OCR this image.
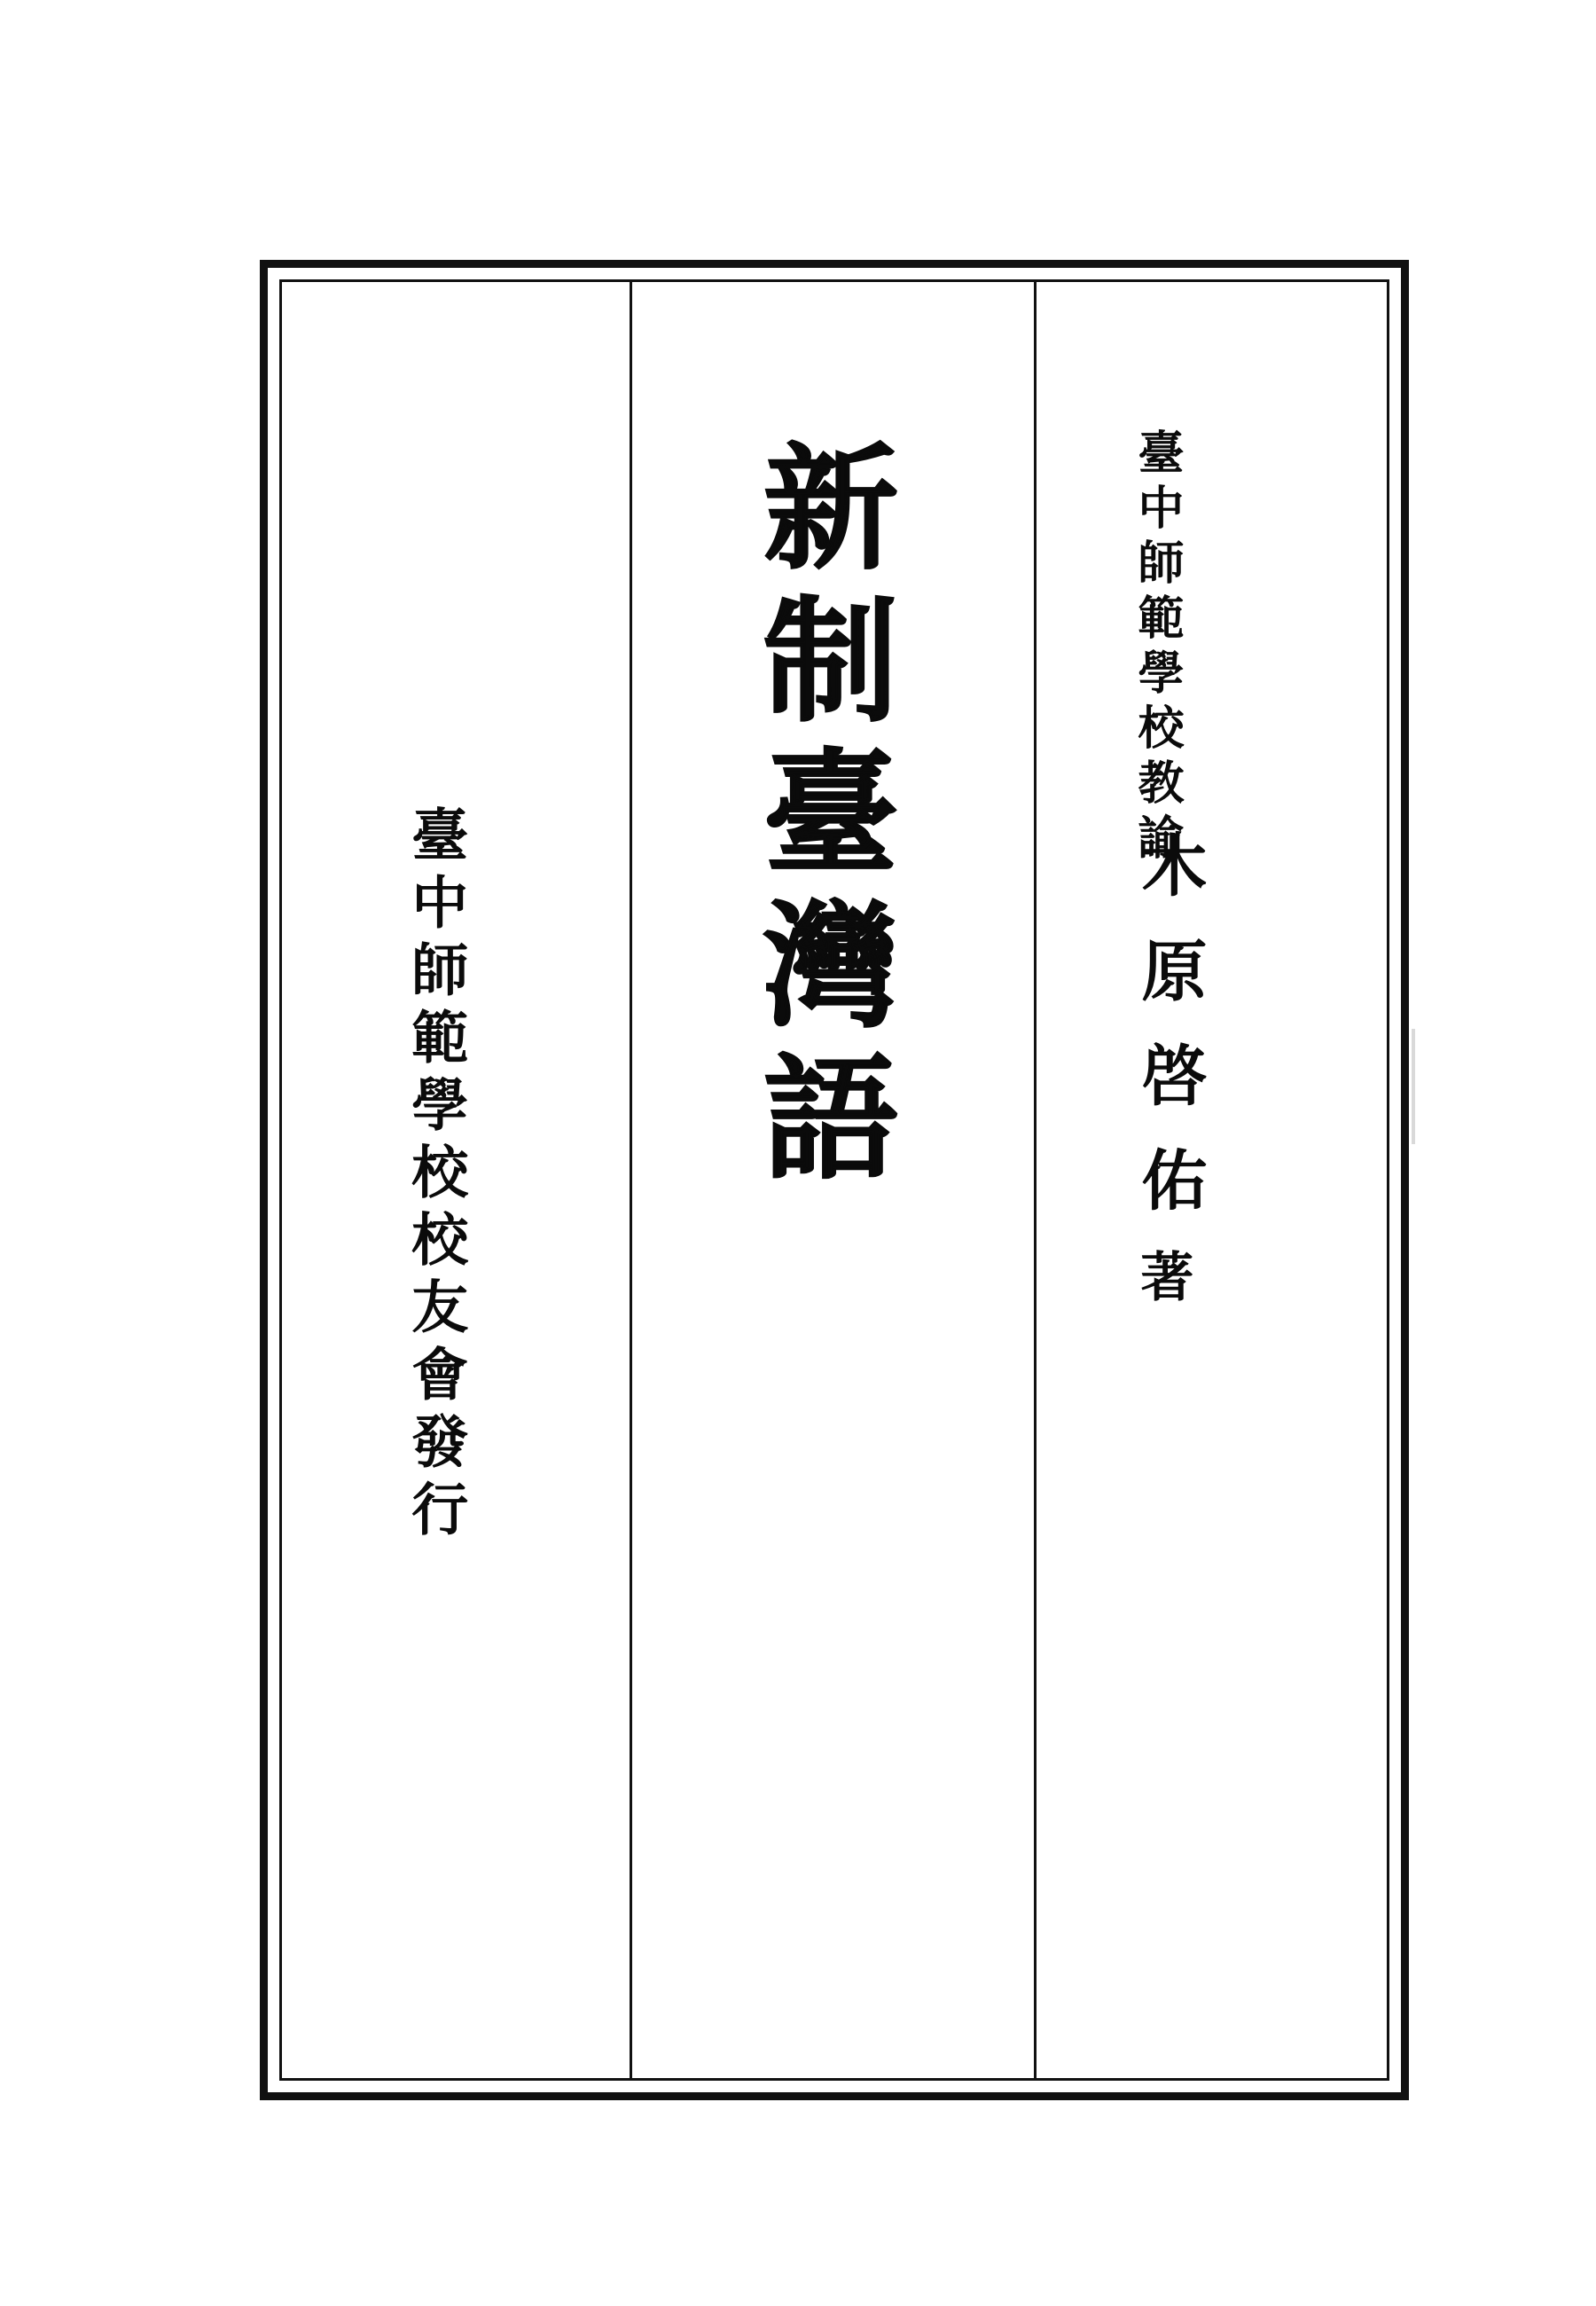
新制臺灣語
臺中師範學校校友會發行
臺中師範學校教諭
木原啓佑
著
